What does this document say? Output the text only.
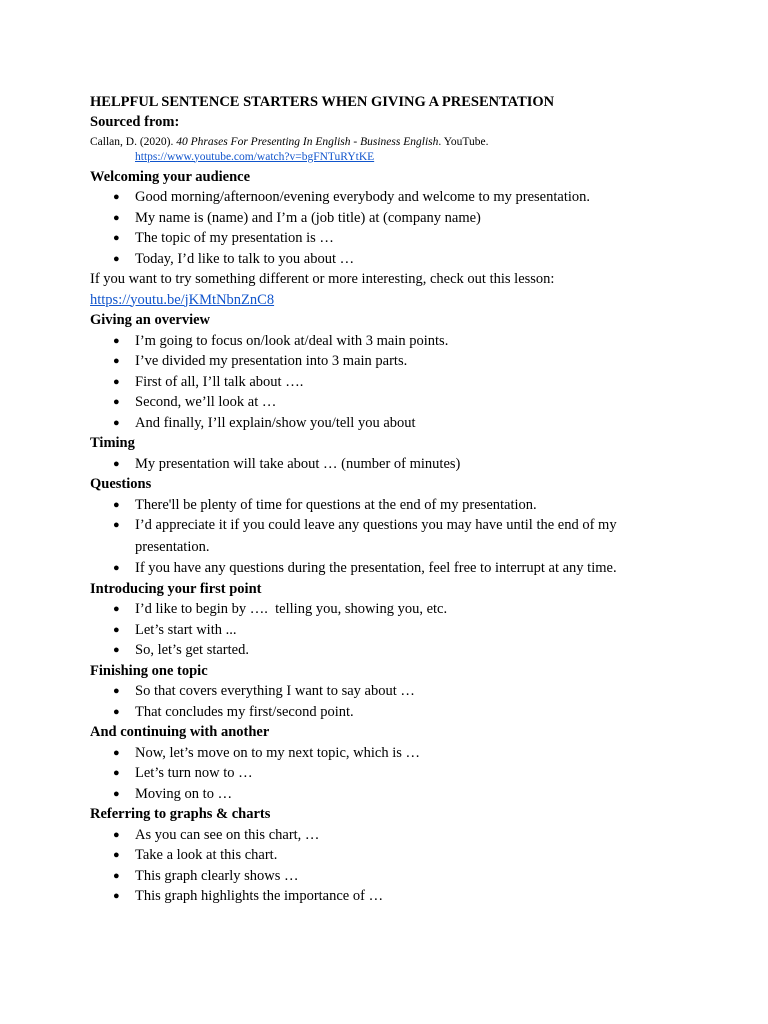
HELPFUL SENTENCE STARTERS WHEN GIVING A PRESENTATION
Sourced from:
Callan, D. (2020). 40 Phrases For Presenting In English - Business English. YouTube.
https://www.youtube.com/watch?v=bgFNTuRYtKE
Welcoming your audience
● Good morning/afternoon/evening everybody and welcome to my presentation.
● My name is (name) and I’m a (job title) at (company name)
● The topic of my presentation is …
● Today, I’d like to talk to you about …
If you want to try something different or more interesting, check out this lesson:
https://youtu.be/jKMtNbnZnC8
Giving an overview
● I’m going to focus on/look at/deal with 3 main points.
● I’ve divided my presentation into 3 main parts.
● First of all, I’ll talk about ….
● Second, we’ll look at …
● And finally, I’ll explain/show you/tell you about
Timing
● My presentation will take about … (number of minutes)
Questions
● There'll be plenty of time for questions at the end of my presentation.
● I’d appreciate it if you could leave any questions you may have until the end of my presentation.
● If you have any questions during the presentation, feel free to interrupt at any time.
Introducing your first point
● I’d like to begin by ….  telling you, showing you, etc.
● Let’s start with ...
● So, let’s get started.
Finishing one topic
● So that covers everything I want to say about …
● That concludes my first/second point.
And continuing with another
● Now, let’s move on to my next topic, which is …
● Let’s turn now to …
● Moving on to …
Referring to graphs & charts
● As you can see on this chart, …
● Take a look at this chart.
● This graph clearly shows …
● This graph highlights the importance of …
